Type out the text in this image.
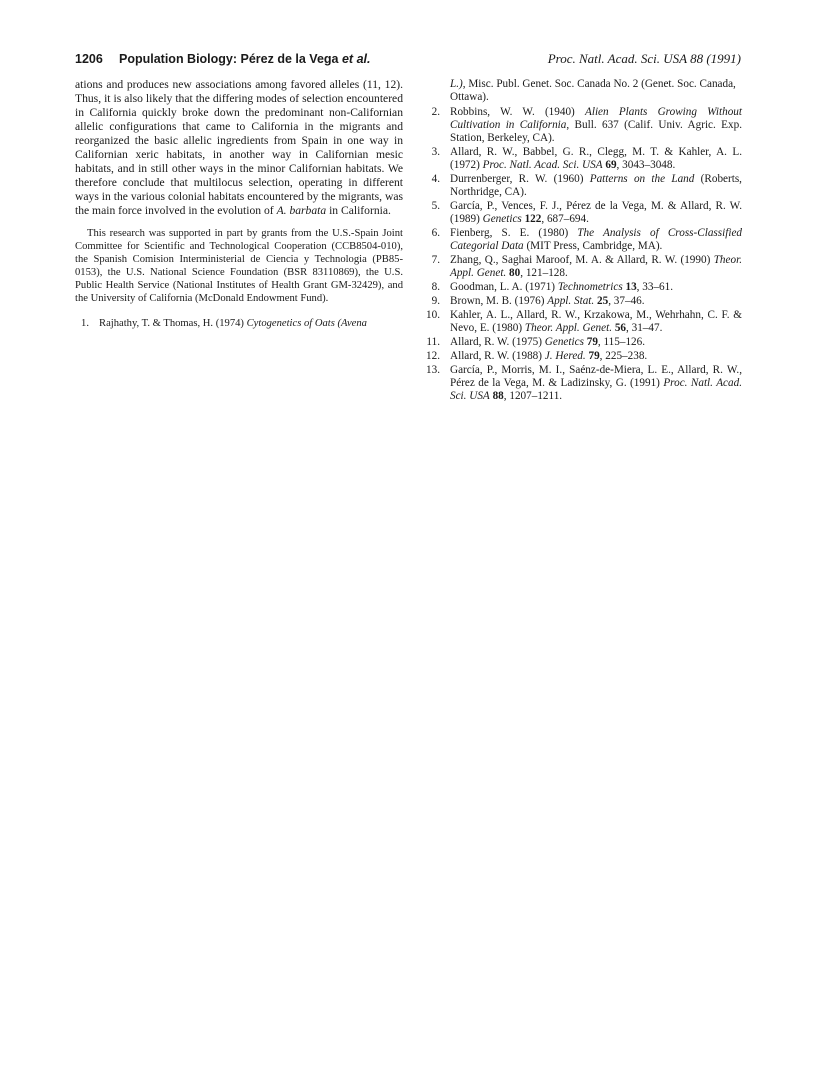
1206 Population Biology: Pérez de la Vega et al.	Proc. Natl. Acad. Sci. USA 88 (1991)

ations and produces new associations among favored alleles (11, 12). Thus, it is also likely that the differing modes of selection encountered in California quickly broke down the predominant non-Californian allelic configurations that came to California in the migrants and reorganized the basic allelic ingredients from Spain in one way in Californian xeric habitats, in another way in Californian mesic habitats, and in still other ways in the minor Californian habitats. We therefore conclude that multilocus selection, operating in different ways in the various colonial habitats encountered by the migrants, was the main force involved in the evolution of A. barbata in California.

This research was supported in part by grants from the U.S.-Spain Joint Committee for Scientific and Technological Cooperation (CCB8504-010), the Spanish Comision Interministerial de Ciencia y Technologia (PB85-0153), the U.S. National Science Foundation (BSR 83110869), the U.S. Public Health Service (National Institutes of Health Grant GM-32429), and the University of California (McDonald Endowment Fund).

1. Rajhathy, T. & Thomas, H. (1974) Cytogenetics of Oats (Avena
L.), Misc. Publ. Genet. Soc. Canada No. 2 (Genet. Soc. Canada, Ottawa).
2. Robbins, W. W. (1940) Alien Plants Growing Without Cultivation in California, Bull. 637 (Calif. Univ. Agric. Exp. Station, Berkeley, CA).
3. Allard, R. W., Babbel, G. R., Clegg, M. T. & Kahler, A. L. (1972) Proc. Natl. Acad. Sci. USA 69, 3043–3048.
4. Durrenberger, R. W. (1960) Patterns on the Land (Roberts, Northridge, CA).
5. García, P., Vences, F. J., Pérez de la Vega, M. & Allard, R. W. (1989) Genetics 122, 687–694.
6. Fienberg, S. E. (1980) The Analysis of Cross-Classified Categorial Data (MIT Press, Cambridge, MA).
7. Zhang, Q., Saghai Maroof, M. A. & Allard, R. W. (1990) Theor. Appl. Genet. 80, 121–128.
8. Goodman, L. A. (1971) Technometrics 13, 33–61.
9. Brown, M. B. (1976) Appl. Stat. 25, 37–46.
10. Kahler, A. L., Allard, R. W., Krzakowa, M., Wehrhahn, C. F. & Nevo, E. (1980) Theor. Appl. Genet. 56, 31–47.
11. Allard, R. W. (1975) Genetics 79, 115–126.
12. Allard, R. W. (1988) J. Hered. 79, 225–238.
13. García, P., Morris, M. I., Saénz-de-Miera, L. E., Allard, R. W., Pérez de la Vega, M. & Ladizinsky, G. (1991) Proc. Natl. Acad. Sci. USA 88, 1207–1211.
